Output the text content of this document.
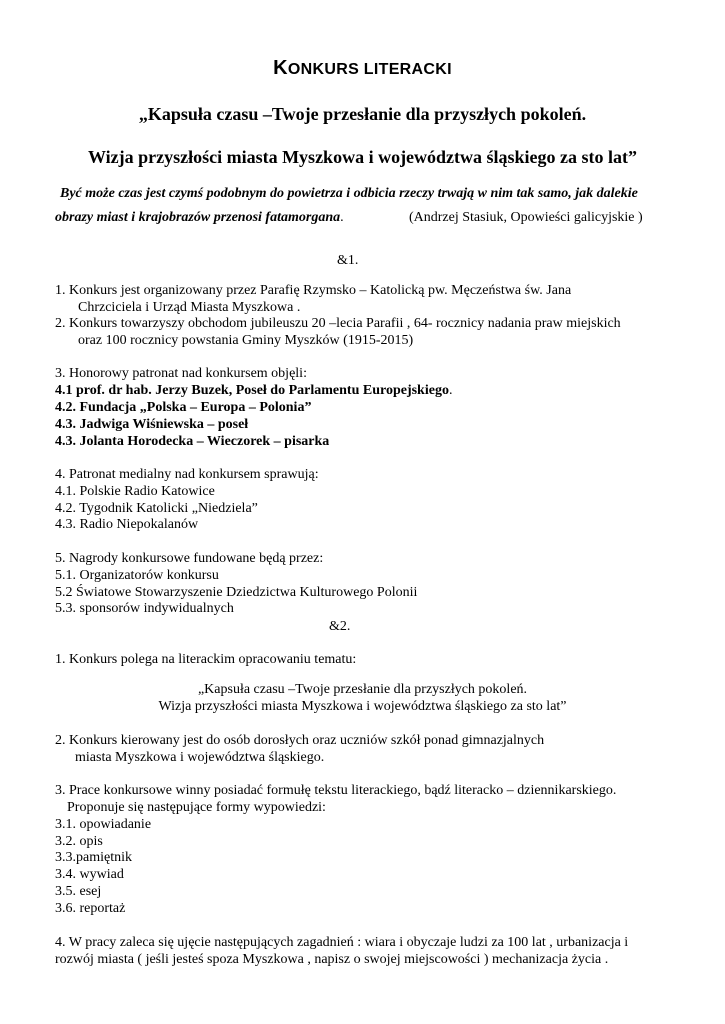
KONKURS LITERACKI
„Kapsuła czasu –Twoje przesłanie dla przyszłych pokoleń.
Wizja przyszłości miasta Myszkowa i województwa śląskiego za sto lat”
Być może czas jest czymś podobnym do powietrza i odbicia rzeczy trwają w nim tak samo, jak dalekie
obrazy miast i krajobrazów przenosi fatamorgana.	(Andrzej Stasiuk, Opowieści galicyjskie )
&1.
1. Konkurs jest organizowany przez Parafię Rzymsko – Katolicką pw. Męczeństwa św. Jana
Chrzciciela i Urząd Miasta Myszkowa .
2. Konkurs towarzyszy obchodom jubileuszu 20 –lecia Parafii , 64- rocznicy nadania praw miejskich
oraz 100 rocznicy powstania Gminy Myszków (1915-2015)
3. Honorowy patronat nad konkursem objęli:
4.1 prof. dr hab. Jerzy Buzek, Poseł do Parlamentu Europejskiego.
4.2. Fundacja „Polska – Europa – Polonia”
4.3. Jadwiga Wiśniewska – poseł
4.3. Jolanta Horodecka – Wieczorek – pisarka
4. Patronat medialny nad konkursem sprawują:
4.1. Polskie Radio Katowice
4.2. Tygodnik Katolicki „Niedziela”
4.3. Radio Niepokalanów
5. Nagrody konkursowe fundowane będą przez:
5.1. Organizatorów konkursu
5.2 Światowe Stowarzyszenie Dziedzictwa Kulturowego Polonii
5.3. sponsorów indywidualnych
&2.
1. Konkurs polega na literackim opracowaniu tematu:
„Kapsuła czasu –Twoje przesłanie dla przyszłych pokoleń.
Wizja przyszłości miasta Myszkowa i województwa śląskiego za sto lat”
2. Konkurs kierowany jest do osób dorosłych oraz uczniów szkół ponad gimnazjalnych
miasta Myszkowa i województwa śląskiego.
3. Prace konkursowe winny posiadać formułę tekstu literackiego, bądź literacko – dziennikarskiego.
Proponuje się następujące formy wypowiedzi:
3.1. opowiadanie
3.2. opis
3.3.pamiętnik
3.4. wywiad
3.5. esej
3.6. reportaż
4. W pracy zaleca się ujęcie następujących zagadnień : wiara i obyczaje ludzi za 100 lat , urbanizacja i
rozwój miasta ( jeśli jesteś spoza Myszkowa , napisz o swojej miejscowości ) mechanizacja życia .
